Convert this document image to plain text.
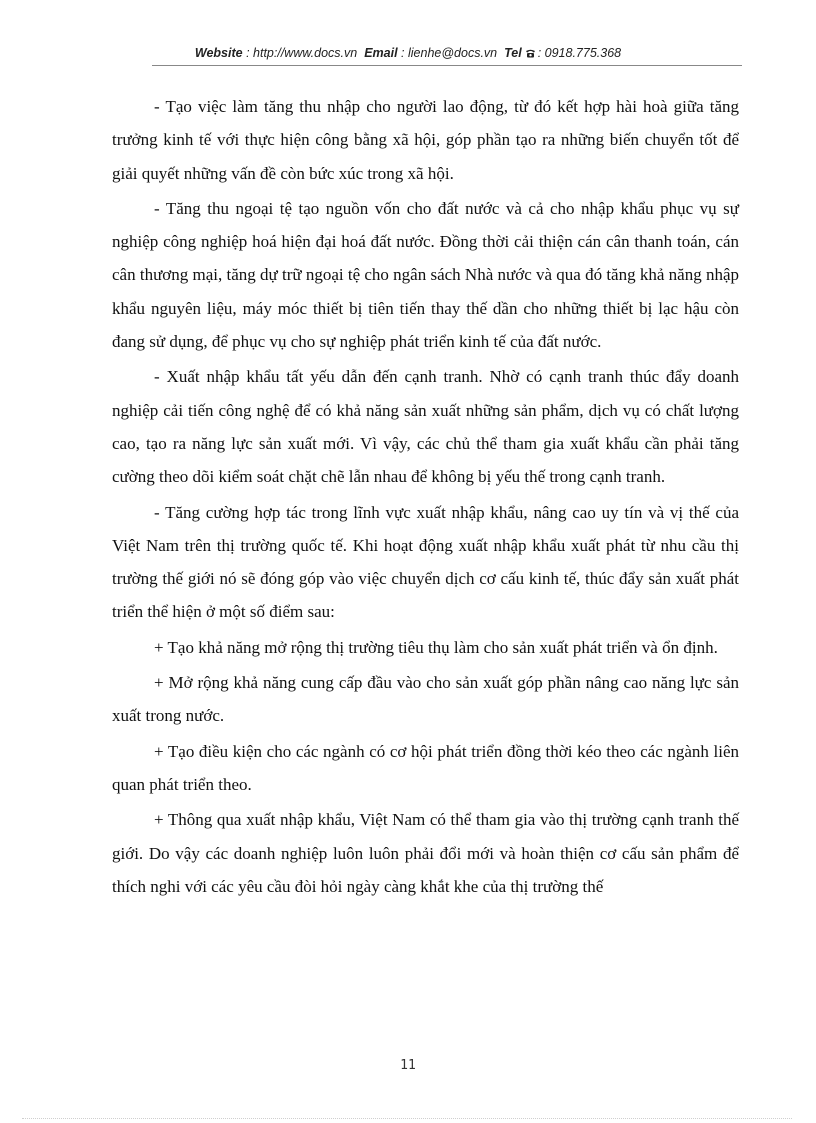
Website : http://www.docs.vn Email : lienhe@docs.vn Tel : 0918.775.368

- Tạo việc làm tăng thu nhập cho người lao động, từ đó kết hợp hài hoà giữa tăng trưởng kinh tế với thực hiện công bằng xã hội, góp phần tạo ra những biến chuyển tốt để giải quyết những vấn đề còn bức xúc trong xã hội.

- Tăng thu ngoại tệ tạo nguồn vốn cho đất nước và cả cho nhập khẩu phục vụ sự nghiệp công nghiệp hoá hiện đại hoá đất nước. Đồng thời cải thiện cán cân thanh toán, cán cân thương mại, tăng dự trữ ngoại tệ cho ngân sách Nhà nước và qua đó tăng khả năng nhập khẩu nguyên liệu, máy móc thiết bị tiên tiến thay thế dần cho những thiết bị lạc hậu còn đang sử dụng, để phục vụ cho sự nghiệp phát triển kinh tế của đất nước.

- Xuất nhập khẩu tất yếu dẫn đến cạnh tranh. Nhờ có cạnh tranh thúc đẩy doanh nghiệp cải tiến công nghệ để có khả năng sản xuất những sản phẩm, dịch vụ có chất lượng cao, tạo ra năng lực sản xuất mới. Vì vậy, các chủ thể tham gia xuất khẩu cần phải tăng cường theo dõi kiểm soát chặt chẽ lẫn nhau để không bị yếu thế trong cạnh tranh.

- Tăng cường hợp tác trong lĩnh vực xuất nhập khẩu, nâng cao uy tín và vị thế của Việt Nam trên thị trường quốc tế. Khi hoạt động xuất nhập khẩu xuất phát từ nhu cầu thị trường thế giới nó sẽ đóng góp vào việc chuyển dịch cơ cấu kinh tế, thúc đẩy sản xuất phát triển thể hiện ở một số điểm sau:

+ Tạo khả năng mở rộng thị trường tiêu thụ làm cho sản xuất phát triển và ổn định.

+ Mở rộng khả năng cung cấp đầu vào cho sản xuất góp phần nâng cao năng lực sản xuất trong nước.

+ Tạo điều kiện cho các ngành có cơ hội phát triển đồng thời kéo theo các ngành liên quan phát triển theo.

+ Thông qua xuất nhập khẩu, Việt Nam có thể tham gia vào thị trường cạnh tranh thế giới. Do vậy các doanh nghiệp luôn luôn phải đổi mới và hoàn thiện cơ cấu sản phẩm để thích nghi với các yêu cầu đòi hỏi ngày càng khắt khe của thị trường thế

11
